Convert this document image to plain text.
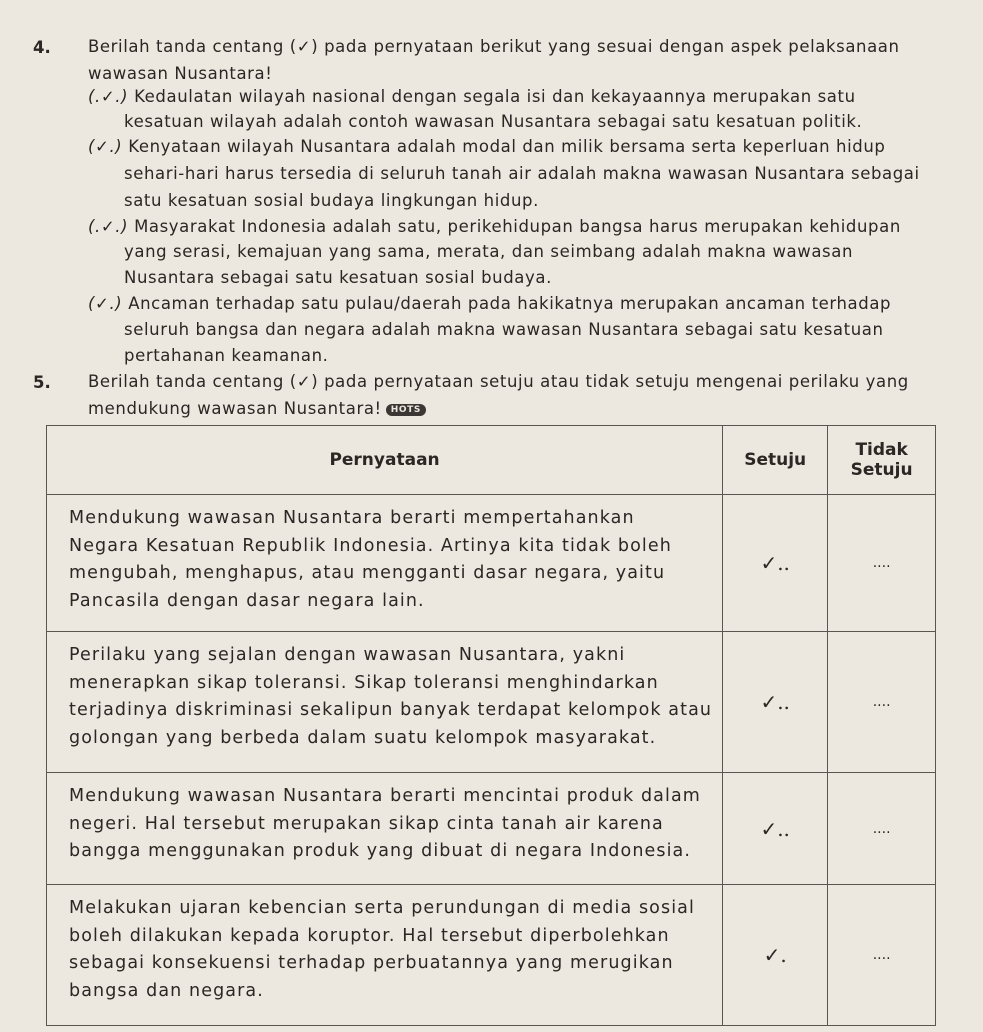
4. Berilah tanda centang (✓) pada pernyataan berikut yang sesuai dengan aspek pelaksanaan
wawasan Nusantara!
(.✓.) Kedaulatan wilayah nasional dengan segala isi dan kekayaannya merupakan satu
kesatuan wilayah adalah contoh wawasan Nusantara sebagai satu kesatuan politik.
(✓.) Kenyataan wilayah Nusantara adalah modal dan milik bersama serta keperluan hidup
sehari-hari harus tersedia di seluruh tanah air adalah makna wawasan Nusantara sebagai
satu kesatuan sosial budaya lingkungan hidup.
(.✓.) Masyarakat Indonesia adalah satu, perikehidupan bangsa harus merupakan kehidupan
yang serasi, kemajuan yang sama, merata, dan seimbang adalah makna wawasan
Nusantara sebagai satu kesatuan sosial budaya.
(✓.) Ancaman terhadap satu pulau/daerah pada hakikatnya merupakan ancaman terhadap
seluruh bangsa dan negara adalah makna wawasan Nusantara sebagai satu kesatuan
pertahanan keamanan.
5. Berilah tanda centang (✓) pada pernyataan setuju atau tidak setuju mengenai perilaku yang
mendukung wawasan Nusantara! HOTS
Pernyataan	Setuju	Tidak
Setuju

Mendukung wawasan Nusantara berarti mempertahankan
Negara Kesatuan Republik Indonesia. Artinya kita tidak boleh
mengubah, menghapus, atau mengganti dasar negara, yaitu
Pancasila dengan dasar negara lain.	✓..	....

Perilaku yang sejalan dengan wawasan Nusantara, yakni
menerapkan sikap toleransi. Sikap toleransi menghindarkan
terjadinya diskriminasi sekalipun banyak terdapat kelompok atau
golongan yang berbeda dalam suatu kelompok masyarakat.	✓..	....

Mendukung wawasan Nusantara berarti mencintai produk dalam
negeri. Hal tersebut merupakan sikap cinta tanah air karena
bangga menggunakan produk yang dibuat di negara Indonesia.	✓..	....

Melakukan ujaran kebencian serta perundungan di media sosial
boleh dilakukan kepada koruptor. Hal tersebut diperbolehkan
sebagai konsekuensi terhadap perbuatannya yang merugikan
bangsa dan negara.	✓.	....
